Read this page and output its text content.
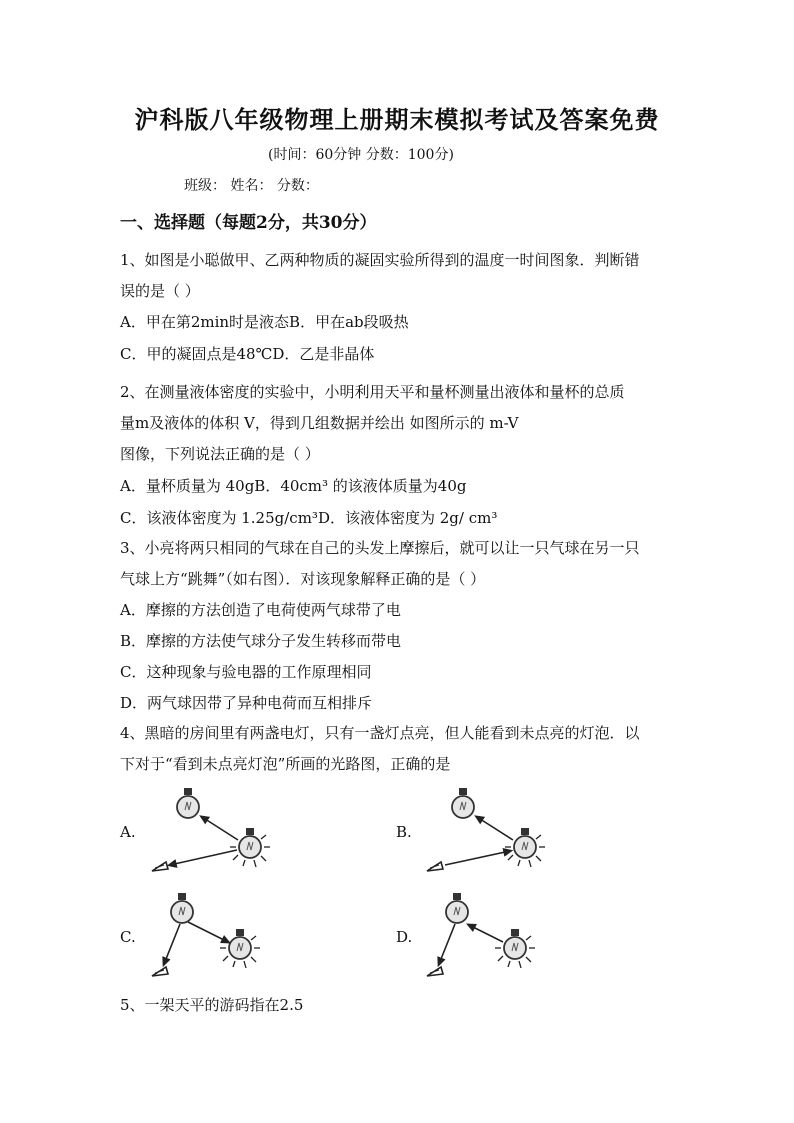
沪科版八年级物理上册期末模拟考试及答案免费
(时间：60分钟 分数：100分)
班级： 姓名： 分数：
一、选择题（每题2分，共30分）
1、如图是小聪做甲、乙两种物质的凝固实验所得到的温度一时间图象．判断错
误的是（ ）
A．甲在第2min时是液态B．甲在ab段吸热
C．甲的凝固点是48℃D．乙是非晶体
2、在测量液体密度的实验中，小明利用天平和量杯测量出液体和量杯的总质
量m及液体的体积 V，得到几组数据并绘出 如图所示的 m-V
图像，下列说法正确的是（ ）
A．量杯质量为 40gB．40cm³ 的该液体质量为40g
C．该液体密度为 1.25g/cm³D．该液体密度为 2g/ cm³
3、小亮将两只相同的气球在自己的头发上摩擦后，就可以让一只气球在另一只
气球上方“跳舞”（如右图）．对该现象解释正确的是（ ）
A．摩擦的方法创造了电荷使两气球带了电
B．摩擦的方法使气球分子发生转移而带电
C．这种现象与验电器的工作原理相同
D．两气球因带了异种电荷而互相排斥
4、黑暗的房间里有两盏电灯，只有一盏灯点亮，但人能看到未点亮的灯泡．以
下对于“看到未点亮灯泡”所画的光路图，正确的是
A.	B.
C.	D.
5、一架天平的游码指在2.5
